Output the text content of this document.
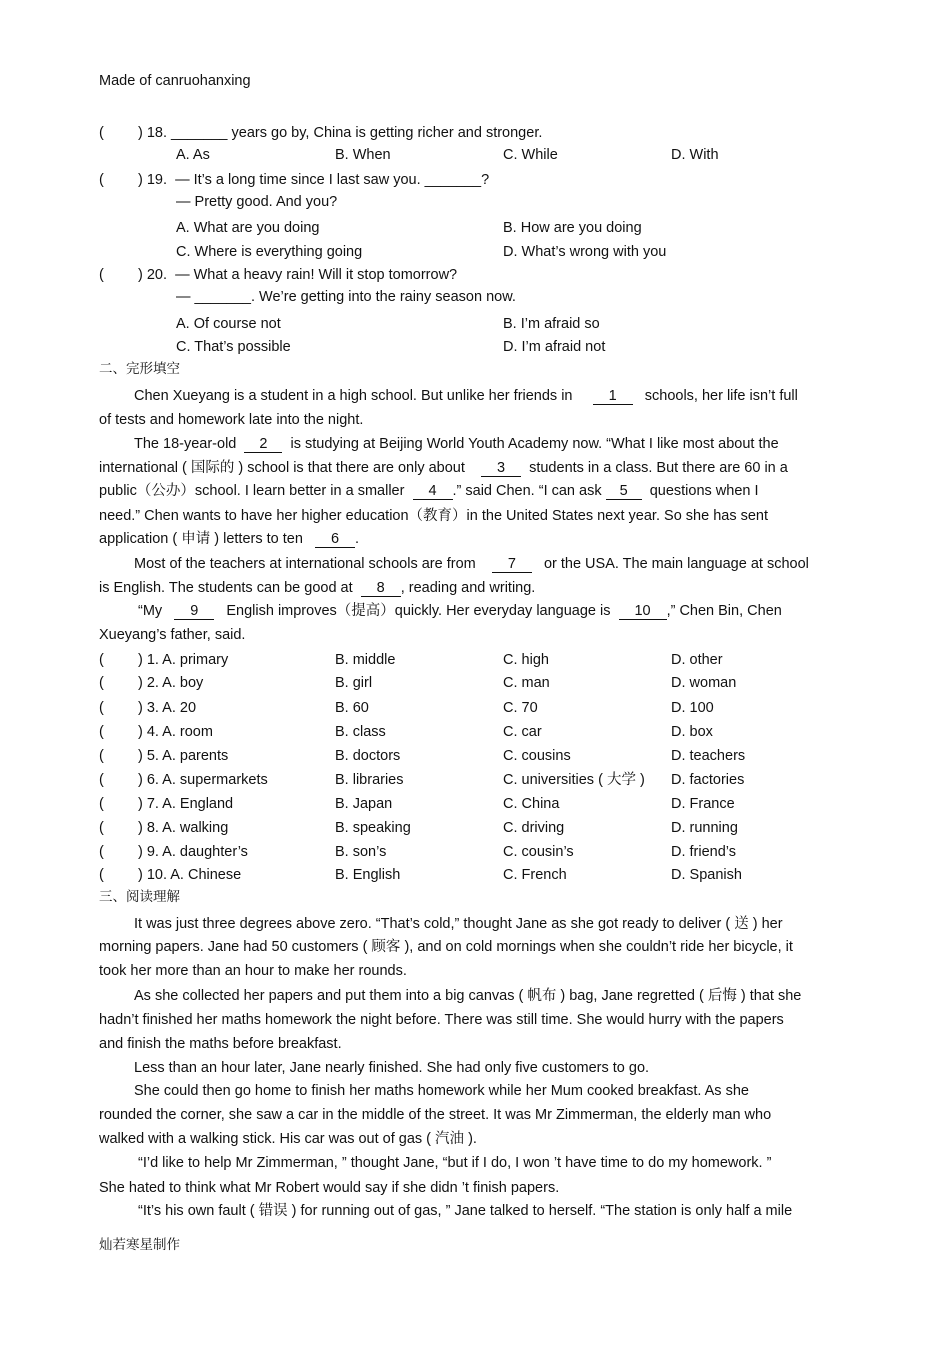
Made of canruohanxing
( ) 18. _______ years go by, China is getting richer and stronger.
A. As	B. When	C. While	D. With
( ) 19. — It’s a long time since I last saw you. _______?
— Pretty good. And you?
A. What are you doing	B. How are you doing
C. Where is everything going	D. What’s wrong with you
( ) 20. — What a heavy rain! Will it stop tomorrow?
— _______. We’re getting into the rainy season now.
A. Of course not	B. I’m afraid so
C. That’s possible	D. I’m afraid not
二、完形填空
Chen Xueyang is a student in a high school. But unlike her friends in 1 schools, her life isn’t full
of tests and homework late into the night.
The 18-year-old 2 is studying at Beijing World Youth Academy now. “What I like most about the
international ( 国际的 ) school is that there are only about 3 students in a class. But there are 60 in a
public（公办）school. I learn better in a smaller 4 .” said Chen. “I can ask 5 questions when I
need.” Chen wants to have her higher education（教育）in the United States next year. So she has sent
application ( 申请 ) letters to ten 6 .
Most of the teachers at international schools are from 7 or the USA. The main language at school
is English. The students can be good at 8 , reading and writing.
“My 9 English improves（提高）quickly. Her everyday language is 10 ,” Chen Bin, Chen
Xueyang’s father, said.
( ) 1. A. primary	B. middle	C. high	D. other
( ) 2. A. boy	B. girl	C. man	D. woman
( ) 3. A. 20	B. 60	C. 70	D. 100
( ) 4. A. room	B. class	C. car	D. box
( ) 5. A. parents	B. doctors	C. cousins	D. teachers
( ) 6. A. supermarkets	B. libraries	C. universities ( 大学 ) D. factories
( ) 7. A. England	B. Japan	C. China	D. France
( ) 8. A. walking	B. speaking	C. driving	D. running
( ) 9. A. daughter’s	B. son’s	C. cousin’s	D. friend’s
( ) 10. A. Chinese	B. English	C. French	D. Spanish
三、阅读理解
It was just three degrees above zero. “That’s cold,” thought Jane as she got ready to deliver ( 送 ) her
morning papers. Jane had 50 customers ( 顾客 ), and on cold mornings when she couldn’t ride her bicycle, it
took her more than an hour to make her rounds.
As she collected her papers and put them into a big canvas ( 帆布 ) bag, Jane regretted ( 后悔 ) that she
hadn’t finished her maths homework the night before. There was still time. She would hurry with the papers
and finish the maths before breakfast.
Less than an hour later, Jane nearly finished. She had only five customers to go.
She could then go home to finish her maths homework while her Mum cooked breakfast. As she
rounded the corner, she saw a car in the middle of the street. It was Mr Zimmerman, the elderly man who
walked with a walking stick. His car was out of gas ( 汽油 ).
“I’d like to help Mr Zimmerman, ” thought Jane, “but if I do, I won ’t have time to do my homework. ”
She hated to think what Mr Robert would say if she didn ’t finish papers.
“It’s his own fault ( 错误 ) for running out of gas, ” Jane talked to herself. “The station is only half a mile
灿若寒星制作
